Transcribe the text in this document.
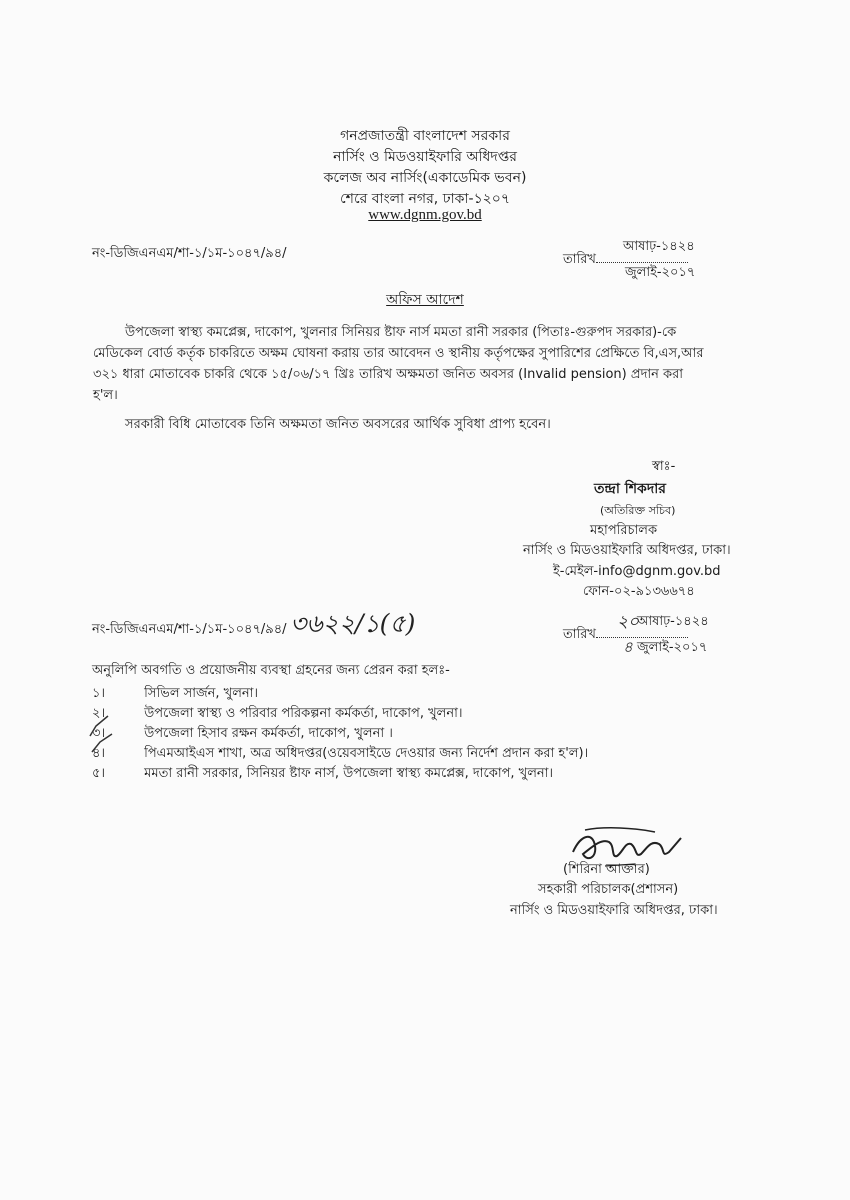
গনপ্রজাতন্ত্রী বাংলাদেশ সরকার
নার্সিং ও মিডওয়াইফারি অধিদপ্তর
কলেজ অব নার্সিং(একাডেমিক ভবন)
শেরে বাংলা নগর, ঢাকা-১২০৭
www.dgnm.gov.bd
নং-ডিজিএনএম/শা-১/১ম-১০৪৭/৯৪/	আষাঢ়-১৪২৪
তারিখ
জুলাই-২০১৭
অফিস আদেশ
উপজেলা স্বাস্থ্য কমপ্লেক্স, দাকোপ, খুলনার সিনিয়র ষ্টাফ নার্স মমতা রানী সরকার (পিতাঃ-গুরুপদ সরকার)-কে
মেডিকেল বোর্ড কর্তৃক চাকরিতে অক্ষম ঘোষনা করায় তার আবেদন ও স্থানীয় কর্তৃপক্ষের সুপারিশের প্রেক্ষিতে বি,এস,আর
৩২১ ধারা মোতাবেক চাকরি থেকে ১৫/০৬/১৭ খ্রিঃ তারিখ অক্ষমতা জনিত অবসর (Invalid pension) প্রদান করা
হ'ল।
সরকারী বিধি মোতাবেক তিনি অক্ষমতা জনিত অবসরের আর্থিক সুবিধা প্রাপ্য হবেন।
স্বাঃ-
তন্দ্রা শিকদার
(অতিরিক্ত সচিব)
মহাপরিচালক
নার্সিং ও মিডওয়াইফারি অধিদপ্তর, ঢাকা।
ই-মেইল-info@dgnm.gov.bd
ফোন-০২-৯১৩৬৬৭৪
নং-ডিজিএনএম/শা-১/১ম-১০৪৭/৯৪/ ৩৬২২/১(৫)	২০
আষাঢ়-১৪২৪
তারিখ
৪ জুলাই-২০১৭
অনুলিপি অবগতি ও প্রয়োজনীয় ব্যবস্থা গ্রহনের জন্য প্রেরন করা হলঃ-
১।	সিভিল সার্জন, খুলনা।
২।	উপজেলা স্বাস্থ্য ও পরিবার পরিকল্পনা কর্মকর্তা, দাকোপ, খুলনা।
৩।	উপজেলা হিসাব রক্ষন কর্মকর্তা, দাকোপ, খুলনা ।
৪।	পিএমআইএস শাখা, অত্র অধিদপ্তর(ওয়েবসাইডে দেওয়ার জন্য নির্দেশ প্রদান করা হ'ল)।
৫।	মমতা রানী সরকার, সিনিয়র ষ্টাফ নার্স, উপজেলা স্বাস্থ্য কমপ্লেক্স, দাকোপ, খুলনা।
(শিরিনা আক্তার)
সহকারী পরিচালক(প্রশাসন)
নার্সিং ও মিডওয়াইফারি অধিদপ্তর, ঢাকা।
